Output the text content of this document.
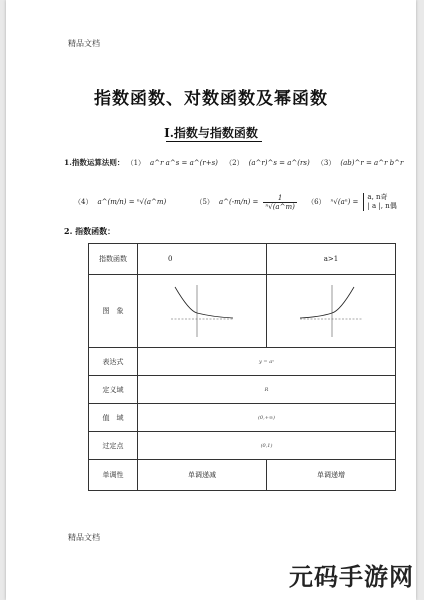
精品文档
指数函数、对数函数及幂函数
Ⅰ.指数与指数函数
1.指数运算法则： （1） a^r a^s = a^(r+s) （2） (a^r)^s = a^(rs) （3） (ab)^r = a^r b^r
（4） a^(m/n) = ⁿ√(a^m)	（5） a^(-m/n) = $\frac{1}{\text{ⁿ√(a\textasciicircum{}m)}} (6) ^n√(a^n)$ =
a, n奇
| a |, n偶
2. 指数函数：
指数函数	0	a>1
图　象	

表达式	y = aˣ	
定义域	R	
值　域	(0,+∞)	
过定点	(0,1)	
单调性	单调递减	单调递增
精品文档
元码手游网
